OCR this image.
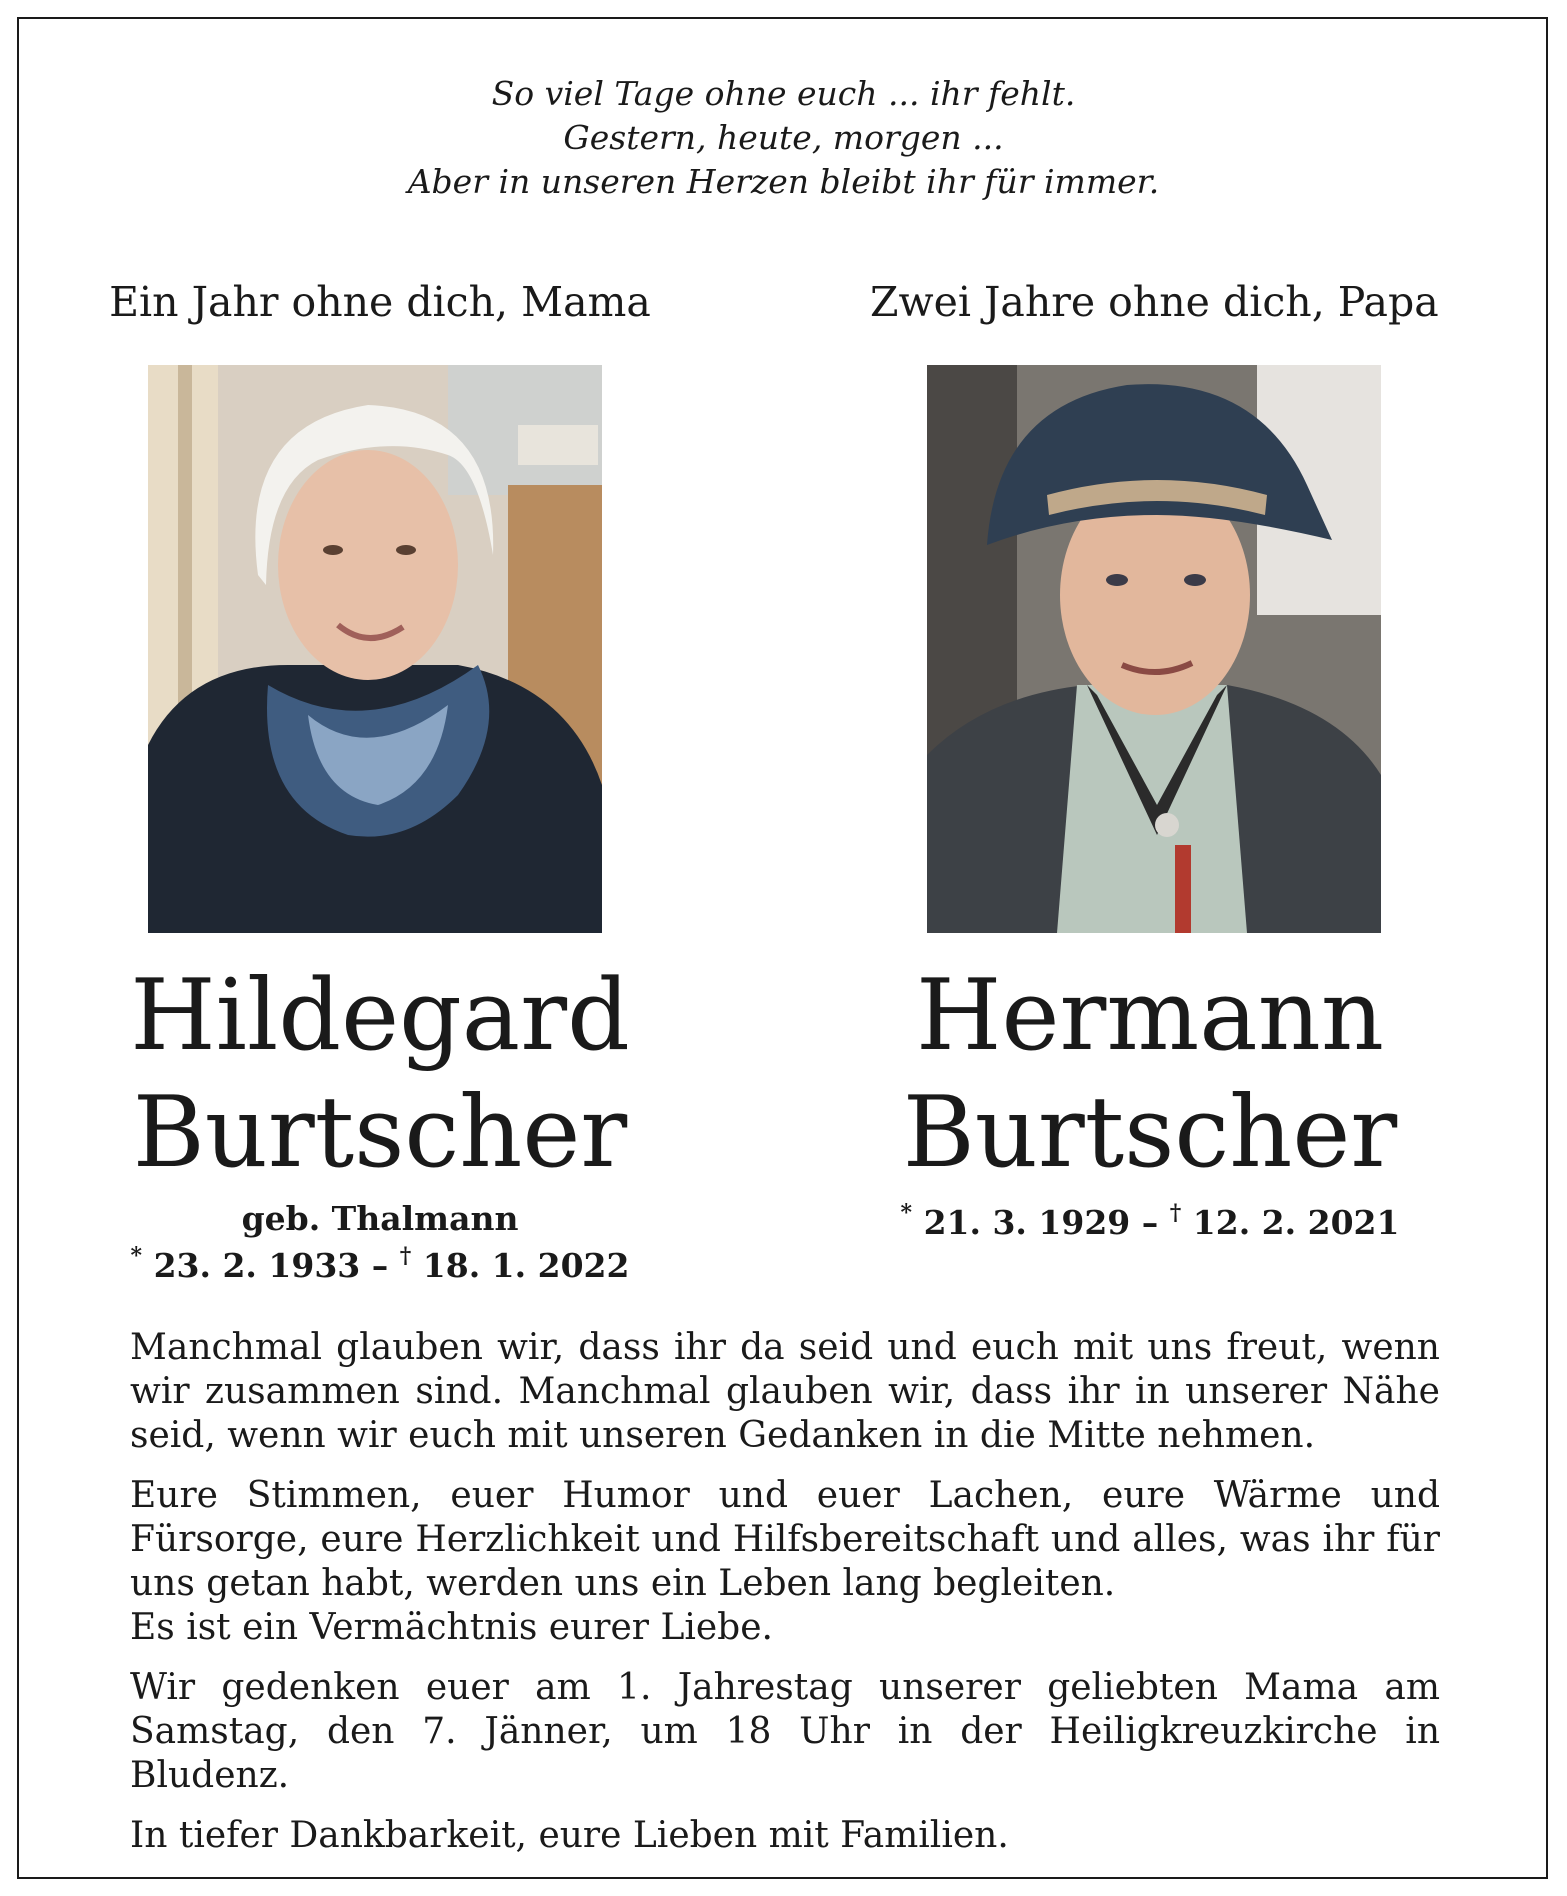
So viel Tage ohne euch ... ihr fehlt.
Gestern, heute, morgen ...
Aber in unseren Herzen bleibt ihr für immer.
Ein Jahr ohne dich, Mama
Hildegard
Burtscher
geb. Thalmann
* 23. 2. 1933 – † 18. 1. 2022
Zwei Jahre ohne dich, Papa
Hermann
Burtscher
* 21. 3. 1929 – † 12. 2. 2021

Manchmal glauben wir, dass ihr da seid und euch mit uns freut, wenn wir zusammen sind. Manchmal glauben wir, dass ihr in unserer Nähe seid, wenn wir euch mit unseren Gedanken in die Mitte nehmen.

Eure Stimmen, euer Humor und euer Lachen, eure Wärme und Fürsorge, eure Herzlichkeit und Hilfsbereitschaft und alles, was ihr für uns getan habt, werden uns ein Leben lang begleiten.

Es ist ein Vermächtnis eurer Liebe.

Wir gedenken euer am 1. Jahrestag unserer geliebten Mama am Samstag, den 7. Jänner, um 18 Uhr in der Heiligkreuzkirche in Bludenz.

In tiefer Dankbarkeit, eure Lieben mit Familien.
